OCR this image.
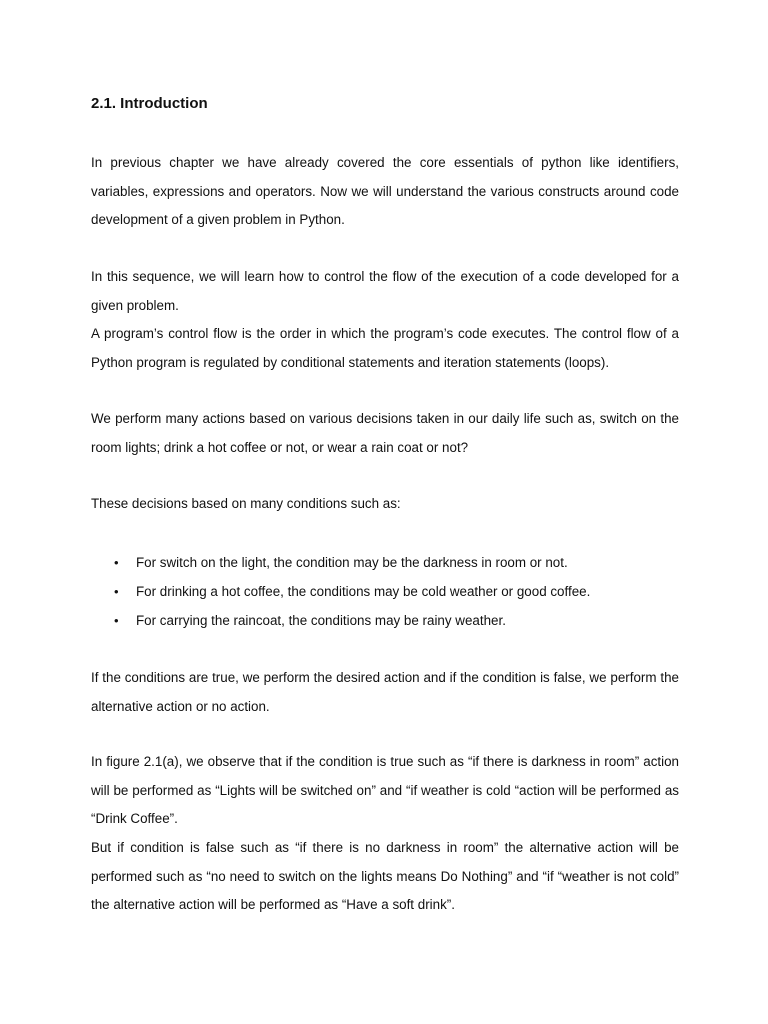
2.1. Introduction

In previous chapter we have already covered the core essentials of python like identifiers, variables, expressions and operators. Now we will understand the various constructs around code development of a given problem in Python.

In this sequence, we will learn how to control the flow of the execution of a code developed for a given problem.

A program’s control flow is the order in which the program’s code executes. The control flow of a Python program is regulated by conditional statements and iteration statements (loops).

We perform many actions based on various decisions taken in our daily life such as, switch on the room lights; drink a hot coffee or not, or wear a rain coat or not?

These decisions based on many conditions such as:

• For switch on the light, the condition may be the darkness in room or not.
• For drinking a hot coffee, the conditions may be cold weather or good coffee.
• For carrying the raincoat, the conditions may be rainy weather.

If the conditions are true, we perform the desired action and if the condition is false, we perform the alternative action or no action.

In figure 2.1(a), we observe that if the condition is true such as “if there is darkness in room” action will be performed as “Lights will be switched on” and “if weather is cold “action will be performed as “Drink Coffee”.

But if condition is false such as “if there is no darkness in room” the alternative action will be performed such as “no need to switch on the lights means Do Nothing” and “if “weather is not cold” the alternative action will be performed as “Have a soft drink”.
